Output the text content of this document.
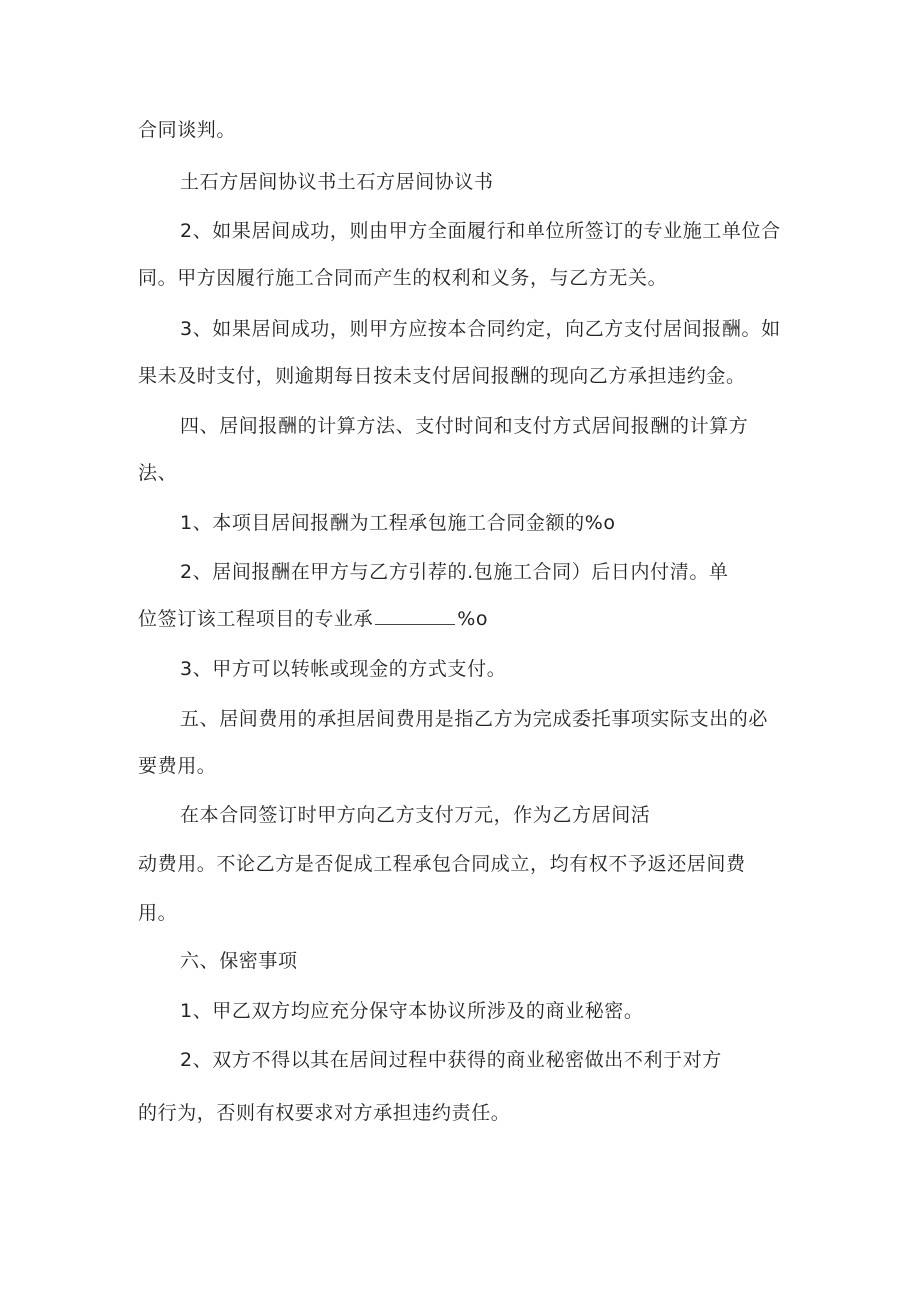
合同谈判。
土石方居间协议书土石方居间协议书
2、如果居间成功，则由甲方全面履行和单位所签订的专业施工单位合
同。甲方因履行施工合同而产生的权利和义务，与乙方无关。
3、如果居间成功，则甲方应按本合同约定，向乙方支付居间报酬。如
果未及时支付，则逾期每日按未支付居间报酬的现向乙方承担违约金。
四、居间报酬的计算方法、支付时间和支付方式居间报酬的计算方
法、
1、本项目居间报酬为工程承包施工合同金额的%o
2、居间报酬在甲方与乙方引荐的.包施工合同）后日内付清。单
位签订该工程项目的专业承	%o
3、甲方可以转帐或现金的方式支付。
五、居间费用的承担居间费用是指乙方为完成委托事项实际支出的必
要费用。
在本合同签订时甲方向乙方支付万元，作为乙方居间活
动费用。不论乙方是否促成工程承包合同成立，均有权不予返还居间费
用。
六、保密事项
1、甲乙双方均应充分保守本协议所涉及的商业秘密。
2、双方不得以其在居间过程中获得的商业秘密做出不利于对方
的行为，否则有权要求对方承担违约责任。
